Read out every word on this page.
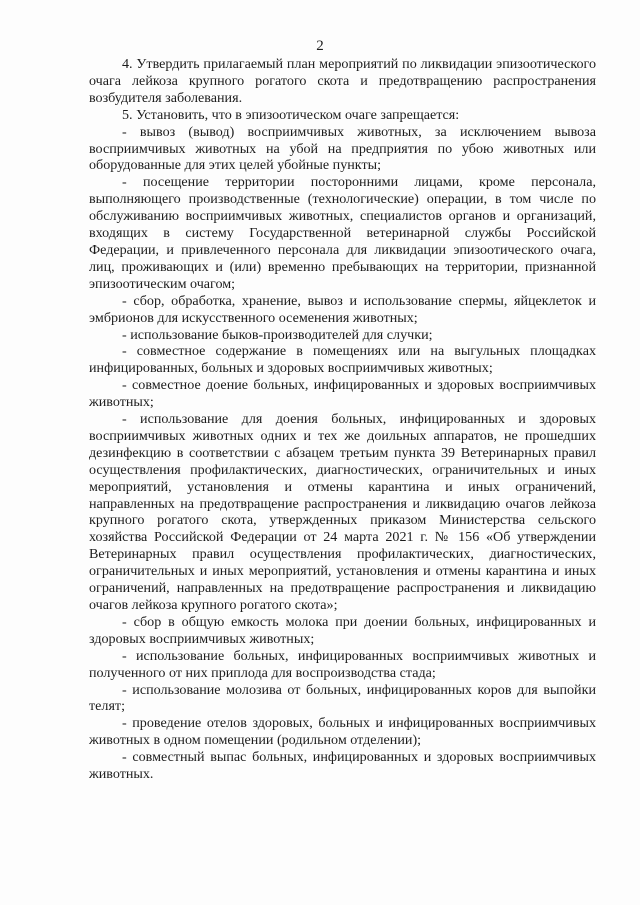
2

4. Утвердить прилагаемый план мероприятий по ликвидации эпизоотического очага лейкоза крупного рогатого скота и предотвращению распространения возбудителя заболевания.

5. Установить, что в эпизоотическом очаге запрещается:

- вывоз (вывод) восприимчивых животных, за исключением вывоза восприимчивых животных на убой на предприятия по убою животных или оборудованные для этих целей убойные пункты;

- посещение территории посторонними лицами, кроме персонала, выполняющего производственные (технологические) операции, в том числе по обслуживанию восприимчивых животных, специалистов органов и организаций, входящих в систему Государственной ветеринарной службы Российской Федерации, и привлеченного персонала для ликвидации эпизоотического очага, лиц, проживающих и (или) временно пребывающих на территории, признанной эпизоотическим очагом;

- сбор, обработка, хранение, вывоз и использование спермы, яйцеклеток и эмбрионов для искусственного осеменения животных;

- использование быков-производителей для случки;

- совместное содержание в помещениях или на выгульных площадках инфицированных, больных и здоровых восприимчивых животных;

- совместное доение больных, инфицированных и здоровых восприимчивых животных;

- использование для доения больных, инфицированных и здоровых восприимчивых животных одних и тех же доильных аппаратов, не прошедших дезинфекцию в соответствии с абзацем третьим пункта 39 Ветеринарных правил осуществления профилактических, диагностических, ограничительных и иных мероприятий, установления и отмены карантина и иных ограничений, направленных на предотвращение распространения и ликвидацию очагов лейкоза крупного рогатого скота, утвержденных приказом Министерства сельского хозяйства Российской Федерации от 24 марта 2021 г. № 156 «Об утверждении Ветеринарных правил осуществления профилактических, диагностических, ограничительных и иных мероприятий, установления и отмены карантина и иных ограничений, направленных на предотвращение распространения и ликвидацию очагов лейкоза крупного рогатого скота»;

- сбор в общую емкость молока при доении больных, инфицированных и здоровых восприимчивых животных;

- использование больных, инфицированных восприимчивых животных и полученного от них приплода для воспроизводства стада;

- использование молозива от больных, инфицированных коров для выпойки телят;

- проведение отелов здоровых, больных и инфицированных восприимчивых животных в одном помещении (родильном отделении);

- совместный выпас больных, инфицированных и здоровых восприимчивых животных.
